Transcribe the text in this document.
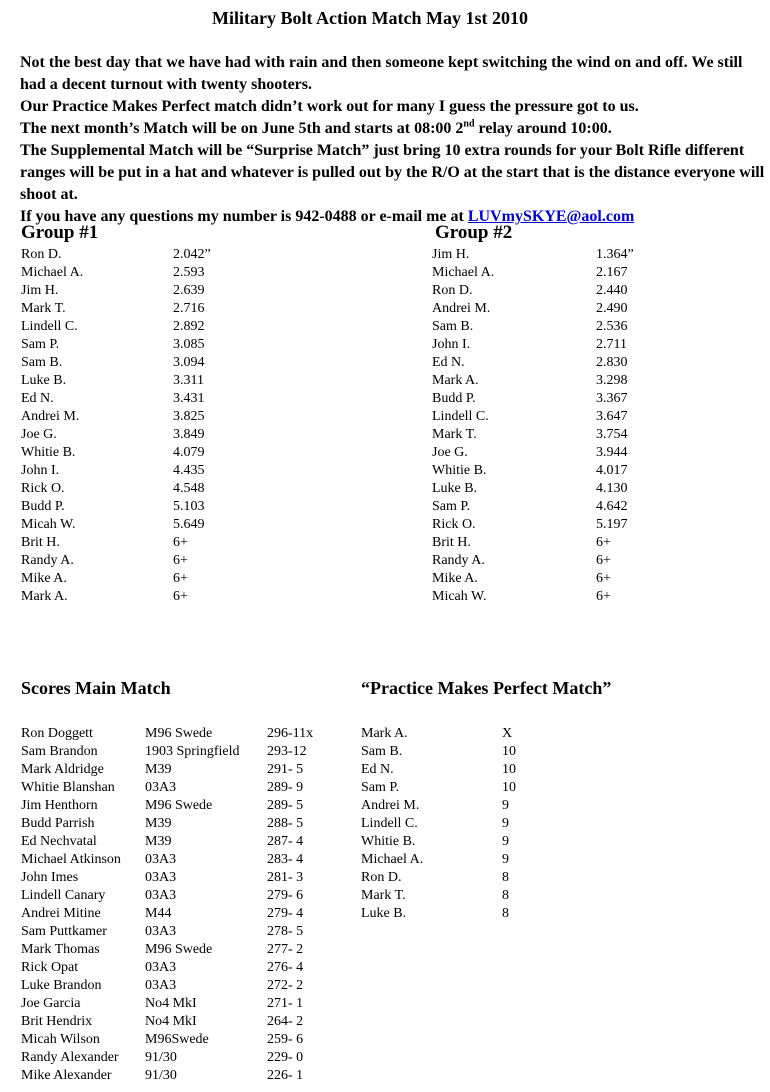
Military Bolt Action Match May 1st 2010

Not the best day that we have had with rain and then someone kept switching the wind on and off. We still had a decent turnout with twenty shooters.

Our Practice Makes Perfect match didn’t work out for many I guess the pressure got to us.

The next month’s Match will be on June 5th and starts at 08:00 2nd relay around 10:00.

The Supplemental Match will be “Surprise Match” just bring 10 extra rounds for your Bolt Rifle different ranges will be put in a hat and whatever is pulled out by the R/O at the start that is the distance everyone will shoot at.

If you have any questions my number is 942-0488 or e-mail me at LUVmySKYE@aol.com

Group #1	Group #2
Ron D.	2.042”
Michael A.	2.593
Jim H.	2.639
Mark T.	2.716
Lindell C.	2.892
Sam P.	3.085
Sam B.	3.094
Luke B.	3.311
Ed N.	3.431
Andrei M.	3.825
Joe G.	3.849
Whitie B.	4.079
John I.	4.435
Rick O.	4.548
Budd P.	5.103
Micah W.	5.649
Brit H.	6+
Randy A.	6+
Mike A.	6+
Mark A.	6+
Jim H.	1.364”
Michael A.	2.167
Ron D.	2.440
Andrei M.	2.490
Sam B.	2.536
John I.	2.711
Ed N.	2.830
Mark A.	3.298
Budd P.	3.367
Lindell C.	3.647
Mark T.	3.754
Joe G.	3.944
Whitie B.	4.017
Luke B.	4.130
Sam P.	4.642
Rick O.	5.197
Brit H.	6+
Randy A.	6+
Mike A.	6+
Micah W.	6+
Scores Main Match	“Practice Makes Perfect Match”
Ron Doggett	M96 Swede	296-11x
Sam Brandon	1903 Springfield 293-12
Mark Aldridge	M39	291- 5
Whitie Blanshan 03A3	289- 9
Jim Henthorn	M96 Swede	289- 5
Budd Parrish	M39	288- 5
Ed Nechvatal	M39	287- 4
Michael Atkinson 03A3	283- 4
John Imes	03A3	281- 3
Lindell Canary	03A3	279- 6
Andrei Mitine	M44	279- 4
Sam Puttkamer	03A3	278- 5
Mark Thomas	M96 Swede	277- 2
Rick Opat	03A3	276- 4
Luke Brandon	03A3	272- 2
Joe Garcia	No4 MkI	271- 1
Brit Hendrix	No4 MkI	264- 2
Micah Wilson	M96Swede	259- 6
Randy Alexander 91/30	229- 0
Mike Alexander 91/30	226- 1
Mark A.	X
Sam B.	10
Ed N.	10
Sam P.	10
Andrei M.	9
Lindell C.	9
Whitie B.	9
Michael A.	9
Ron D.	8
Mark T.	8
Luke B.	8
